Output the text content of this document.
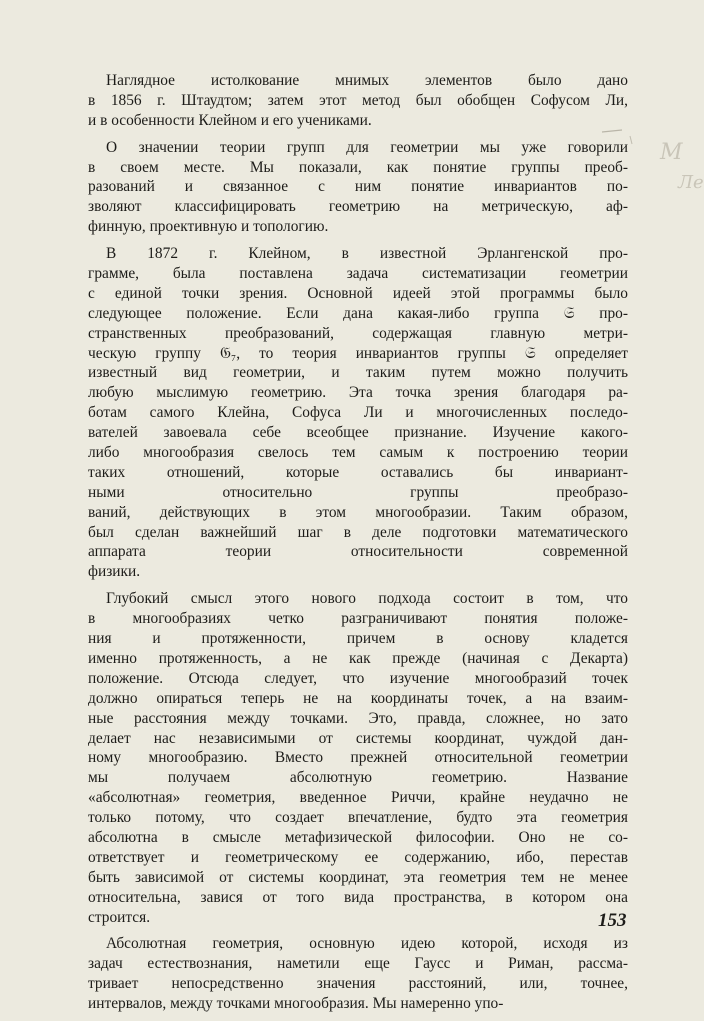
Наглядное истолкование мнимых элементов было дано
в 1856 г. Штаудтом; затем этот метод был обобщен Софусом Ли,
и в особенности Клейном и его учениками.
О значении теории групп для геометрии мы уже говорили
в своем месте. Мы показали, как понятие группы преоб-
разований и связанное с ним понятие инвариантов по-
зволяют классифицировать геометрию на метрическую, аф-
финную, проективную и топологию.
В 1872 г. Клейном, в известной Эрлангенской про-
грамме, была поставлена задача систематизации геометрии
с единой точки зрения. Основной идеей этой программы было
следующее положение. Если дана какая-либо группа 𝔖 про-
странственных преобразований, содержащая главную метри-
ческую группу 𝔊₇, то теория инвариантов группы 𝔖 определяет
известный вид геометрии, и таким путем можно получить
любую мыслимую геометрию. Эта точка зрения благодаря ра-
ботам самого Клейна, Софуса Ли и многочисленных последо-
вателей завоевала себе всеобщее признание. Изучение какого-
либо многообразия свелось тем самым к построению теории
таких отношений, которые оставались бы инвариант-
ными относительно группы преобразо-
ваний, действующих в этом многообразии. Таким образом,
был сделан важнейший шаг в деле подготовки математического
аппарата теории относительности современной
физики.
Глубокий смысл этого нового подхода состоит в том, что
в многообразиях четко разграничивают понятия положе-
ния и протяженности, причем в основу кладется
именно протяженность, а не как прежде (начиная с Декарта)
положение. Отсюда следует, что изучение многообразий точек
должно опираться теперь не на координаты точек, а на взаим-
ные расстояния между точками. Это, правда, сложнее, но зато
делает нас независимыми от системы координат, чуждой дан-
ному многообразию. Вместо прежней относительной геометрии
мы получаем абсолютную геометрию. Название
«абсолютная» геометрия, введенное Риччи, крайне неудачно не
только потому, что создает впечатление, будто эта геометрия
абсолютна в смысле метафизической философии. Оно не со-
ответствует и геометрическому ее содержанию, ибо, перестав
быть зависимой от системы координат, эта геометрия тем не менее
относительна, завися от того вида пространства, в котором она
строится.
Абсолютная геометрия, основную идею которой, исходя из
задач естествознания, наметили еще Гаусс и Риман, рассма-
тривает непосредственно значения расстояний, или, точнее,
интервалов, между точками многообразия. Мы намеренно упо-
М
Ле
153
